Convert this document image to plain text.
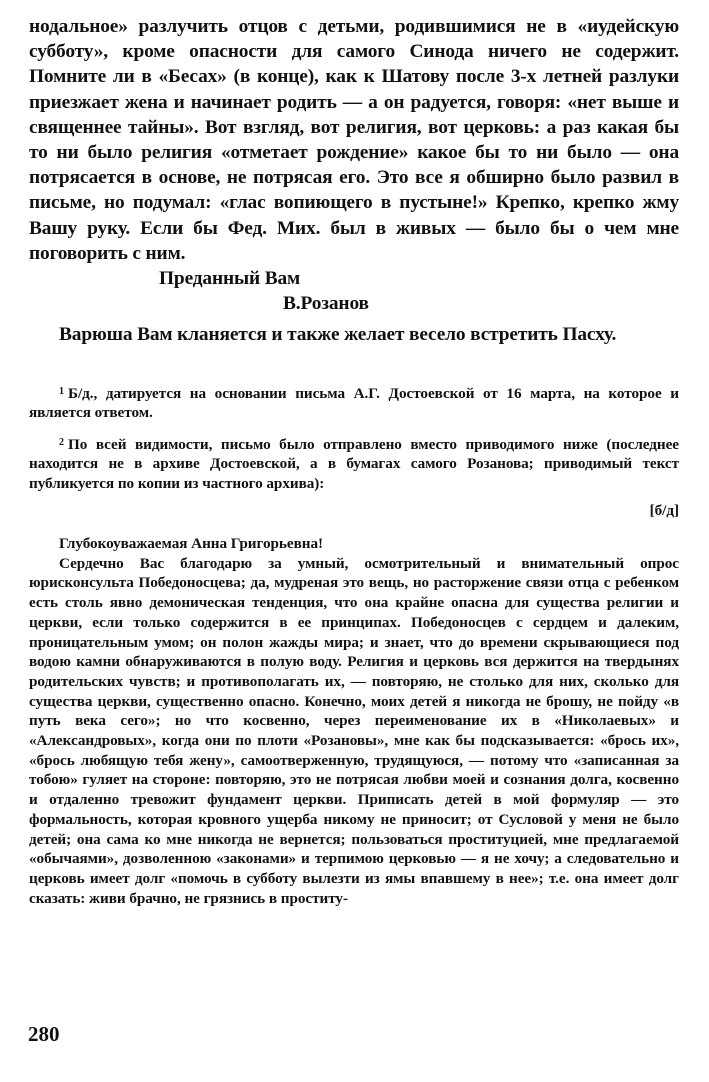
нодальное» разлучить отцов с детьми, родившимися не в «иудейскую субботу», кроме опасности для самого Синода ничего не содержит. Помните ли в «Бесах» (в конце), как к Шатову после 3-х летней разлуки приезжает жена и начинает родить — а он радуется, говоря: «нет выше и священнее тайны». Вот взгляд, вот религия, вот церковь: а раз какая бы то ни было религия «отметает рождение» какое бы то ни было — она потрясается в основе, не потрясая его. Это все я обширно было развил в письме, но подумал: «глас вопиющего в пустыне!» Крепко, крепко жму Вашу руку. Если бы Фед. Мих. был в живых — было бы о чем мне поговорить с ним.

Преданный Вам

В.Розанов

Варюша Вам кланяется и также желает весело встретить Пасху.

$^1$ Б/д., датируется на основании письма А.Г. Достоевской от 16 марта, на которое и является ответом.

$^2$ По всей видимости, письмо было отправлено вместо приводимого ниже (последнее находится не в архиве Достоевской, а в бумагах самого Розанова; приводимый текст публикуется по копии из частного архива):

[б/д]

Глубокоуважаемая Анна Григорьевна!

Сердечно Вас благодарю за умный, осмотрительный и внимательный опрос юрисконсульта Победоносцева; да, мудреная это вещь, но расторжение связи отца с ребенком есть столь явно демоническая тенденция, что она крайне опасна для существа религии и церкви, если только содержится в ее принципах. Победоносцев с сердцем и далеким, проницательным умом; он полон жажды мира; и знает, что до времени скрывающиеся под водою камни обнаруживаются в полую воду. Религия и церковь вся держится на твердынях родительских чувств; и противополагать их, — повторяю, не столько для них, сколько для существа церкви, существенно опасно. Конечно, моих детей я никогда не брошу, не пойду «в путь века сего»; но что косвенно, через переименование их в «Николаевых» и «Александровых», когда они по плоти «Розановы», мне как бы подсказывается: «брось их», «брось любящую тебя жену», самоотверженную, трудящуюся, — потому что «записанная за тобою» гуляет на стороне: повторяю, это не потрясая любви моей и сознания долга, косвенно и отдаленно тревожит фундамент церкви. Приписать детей в мой формуляр — это формальность, которая кровного ущерба никому не приносит; от Сусловой у меня не было детей; она сама ко мне никогда не вернется; пользоваться проституцией, мне предлагаемой «обычаями», дозволенною «законами» и терпимою церковью — я не хочу; а следовательно и церковь имеет долг «помочь в субботу вылезти из ямы впавшему в нее»; т.е. она имеет долг сказать: живи брачно, не грязнись в проститу-

280
